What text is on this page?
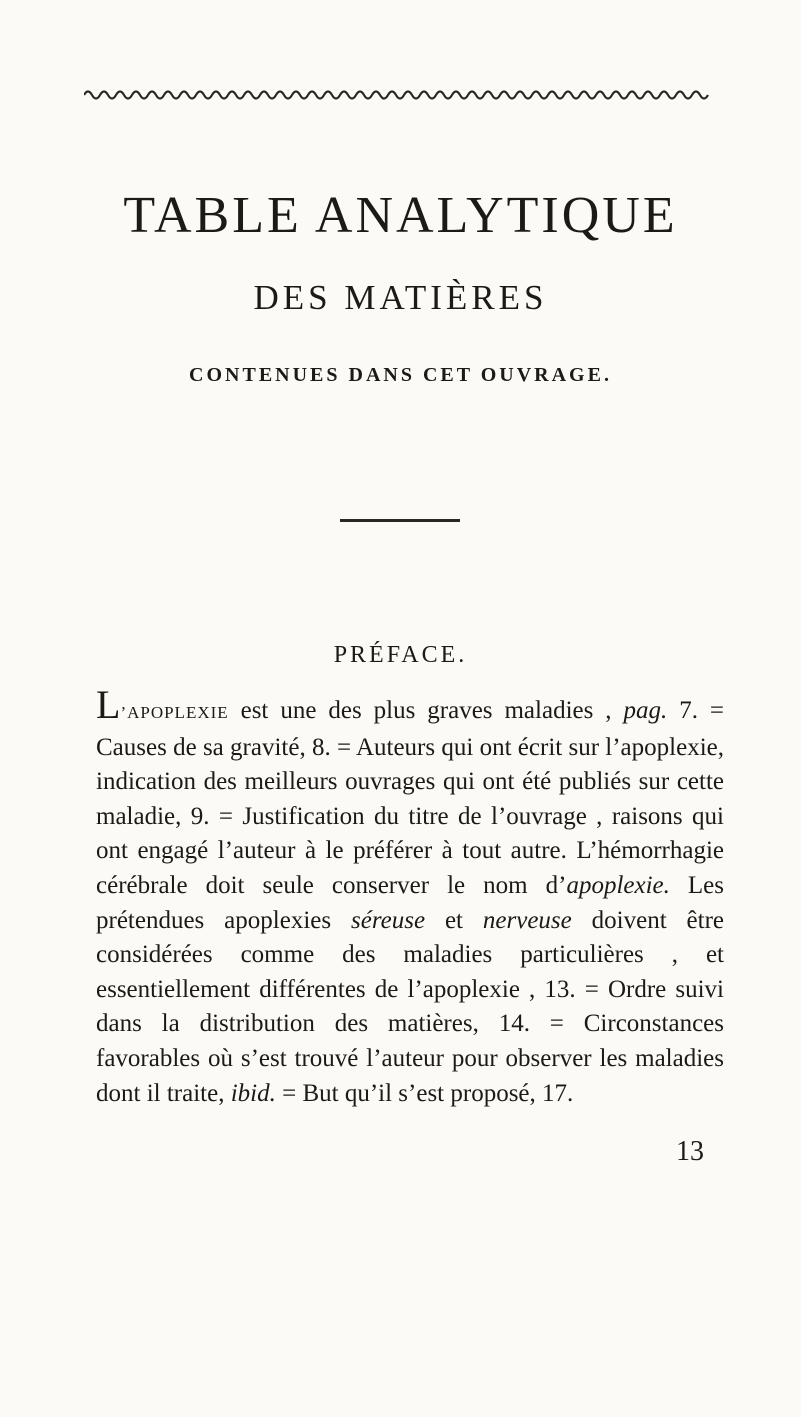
TABLE ANALYTIQUE
DES MATIÈRES
CONTENUES DANS CET OUVRAGE.
PRÉFACE.

L’APOPLEXIE est une des plus graves maladies , pag. 7. = Causes de sa gravité, 8. = Auteurs qui ont écrit sur l’apoplexie, indication des meilleurs ouvrages qui ont été publiés sur cette maladie, 9. = Justification du titre de l’ouvrage , raisons qui ont engagé l’auteur à le préférer à tout autre. L’hémorrhagie cérébrale doit seule conserver le nom d’apoplexie. Les prétendues apoplexies séreuse et nerveuse doivent être considérées comme des maladies particulières , et essentiellement différentes de l’apoplexie , 13. = Ordre suivi dans la distribution des matières, 14. = Circonstances favorables où s’est trouvé l’auteur pour observer les maladies dont il traite, ibid. = But qu’il s’est proposé, 17.

13
